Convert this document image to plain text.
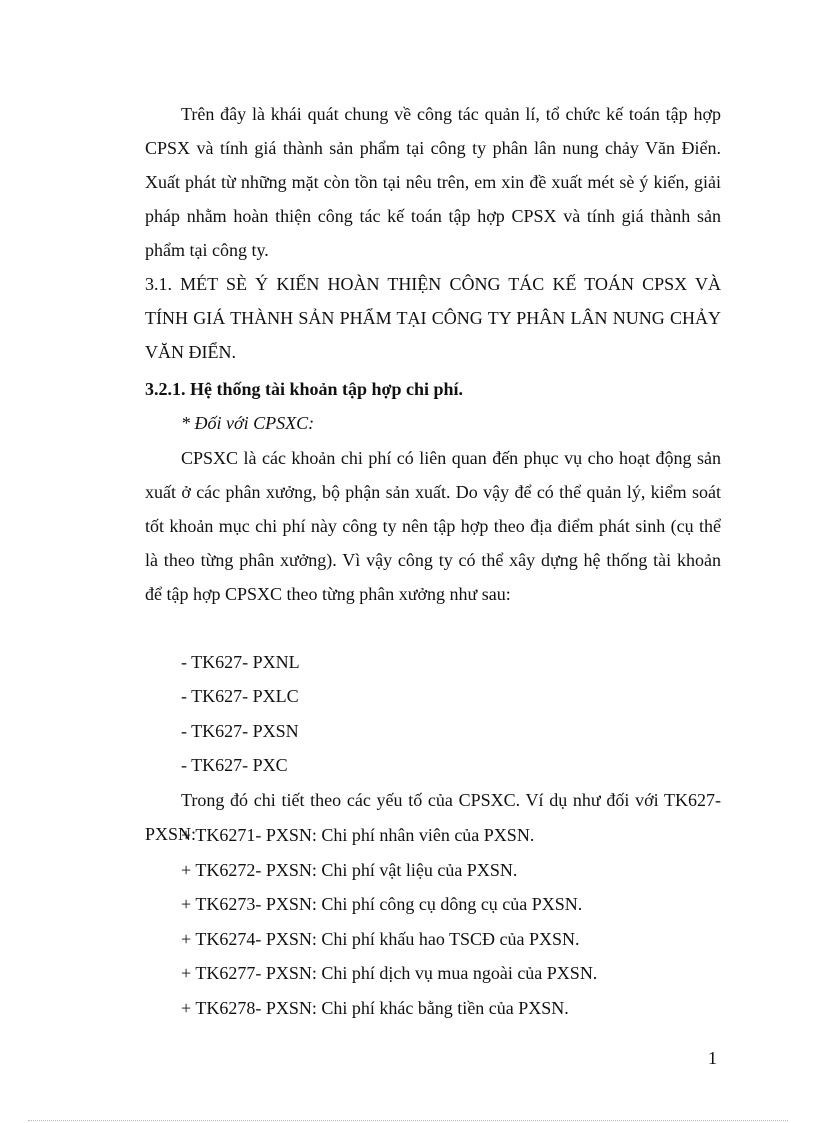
Trên đây là khái quát chung về công tác quản lí, tổ chức kế toán tập hợp CPSX và tính giá thành sản phẩm tại công ty phân lân nung chảy Văn Điển. Xuất phát từ những mặt còn tồn tại nêu trên, em xin đề xuất mét sè ý kiến, giải pháp nhằm hoàn thiện công tác kế toán tập hợp CPSX và tính giá thành sản phẩm tại công ty.

3.1. MÉT SÈ Ý KIẾN HOÀN THIỆN CÔNG TÁC KẾ TOÁN CPSX VÀ TÍNH GIÁ THÀNH SẢN PHẨM TẠI CÔNG TY PHÂN LÂN NUNG CHẢY VĂN ĐIỂN.

3.2.1. Hệ thống tài khoản tập hợp chi phí.

* Đối với CPSXC:

CPSXC là các khoản chi phí có liên quan đến phục vụ cho hoạt động sản xuất ở các phân xưởng, bộ phận sản xuất. Do vậy để có thể quản lý, kiểm soát tốt khoản mục chi phí này công ty nên tập hợp theo địa điểm phát sinh (cụ thể là theo từng phân xưởng). Vì vậy công ty có thể xây dựng hệ thống tài khoản để tập hợp CPSXC theo từng phân xưởng như sau:

- TK627- PXNL

- TK627- PXLC

- TK627- PXSN

- TK627- PXC

Trong đó chi tiết theo các yếu tố của CPSXC. Ví dụ như đối với TK627- PXSN:

+ TK6271- PXSN: Chi phí nhân viên của PXSN.

+ TK6272- PXSN: Chi phí vật liệu của PXSN.

+ TK6273- PXSN: Chi phí công cụ dông cụ của PXSN.

+ TK6274- PXSN: Chi phí khấu hao TSCĐ của PXSN.

+ TK6277- PXSN: Chi phí dịch vụ mua ngoài của PXSN.

+ TK6278- PXSN: Chi phí khác bằng tiền của PXSN.

1
